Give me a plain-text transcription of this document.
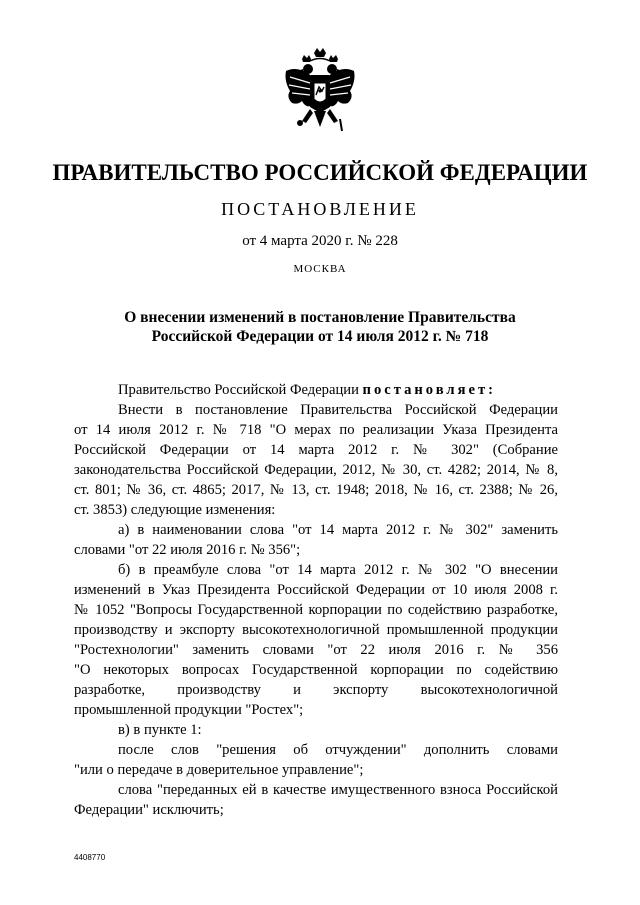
ПРАВИТЕЛЬСТВО РОССИЙСКОЙ ФЕДЕРАЦИИ
ПОСТАНОВЛЕНИЕ
от 4 марта 2020 г. № 228
МОСКВА
О внесении изменений в постановление Правительства
Российской Федерации от 14 июля 2012 г. № 718
Правительство Российской Федерации постановляет:
Внести в постановление Правительства Российской Федерации
от 14 июля 2012 г. № 718 "О мерах по реализации Указа Президента
Российской Федерации от 14 марта 2012 г. № 302" (Собрание
законодательства Российской Федерации, 2012, № 30, ст. 4282; 2014, № 8,
ст. 801; № 36, ст. 4865; 2017, № 13, ст. 1948; 2018, № 16, ст. 2388; № 26,
ст. 3853) следующие изменения:
а) в наименовании слова "от 14 марта 2012 г. № 302" заменить
словами "от 22 июля 2016 г. № 356";
б) в преамбуле слова "от 14 марта 2012 г. № 302 "О внесении
изменений в Указ Президента Российской Федерации от 10 июля 2008 г.
№ 1052 "Вопросы Государственной корпорации по содействию разработке,
производству и экспорту высокотехнологичной промышленной продукции
"Ростехнологии" заменить словами "от 22 июля 2016 г. № 356
"О некоторых вопросах Государственной корпорации по содействию
разработке, производству и экспорту высокотехнологичной
промышленной продукции "Ростех";
в) в пункте 1:
после слов "решения об отчуждении" дополнить словами
"или о передаче в доверительное управление";
слова "переданных ей в качестве имущественного взноса Российской
Федерации" исключить;
4408770
